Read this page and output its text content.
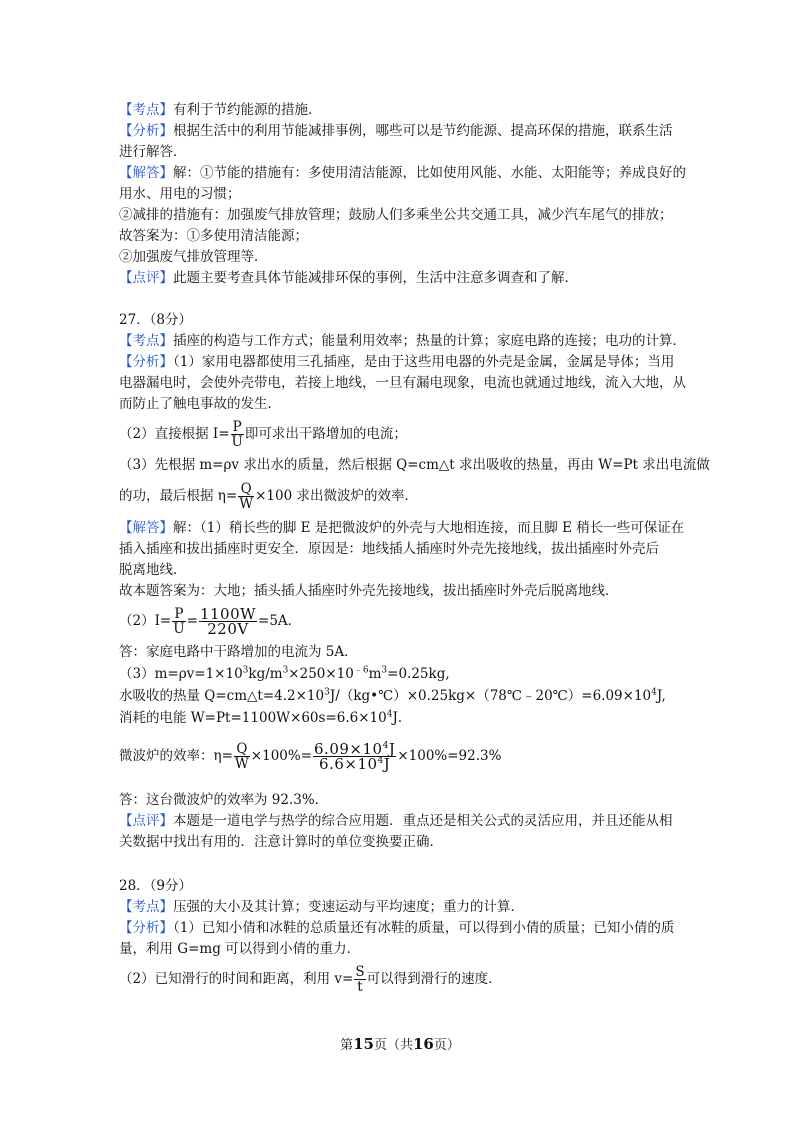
【考点】有利于节约能源的措施．
【分析】根据生活中的利用节能减排事例，哪些可以是节约能源、提高环保的措施，联系生活
进行解答．
【解答】解：①节能的措施有：多使用清洁能源，比如使用风能、水能、太阳能等；养成良好的
用水、用电的习惯；
②减排的措施有：加强废气排放管理；鼓励人们多乘坐公共交通工具，减少汽车尾气的排放；
故答案为：①多使用清洁能源；
②加强废气排放管理等．
【点评】此题主要考查具体节能减排环保的事例，生活中注意多调查和了解．
27．（8分）
【考点】插座的构造与工作方式；能量利用效率；热量的计算；家庭电路的连接；电功的计算．
【分析】（1）家用电器都使用三孔插座，是由于这些用电器的外壳是金属，金属是导体；当用
电器漏电时，会使外壳带电，若接上地线，一旦有漏电现象，电流也就通过地线，流入大地，从
而防止了触电事故的发生．
（2）直接根据 $I= \frac{P}{U}$ 即可求出干路增加的电流；
（3）先根据 m=ρv 求出水的质量，然后根据 Q=cm△t 求出吸收的热量，再由 W=Pt 求出电流做
的功，最后根据 $\eta= \frac{Q}{W} \times 100$ 求出微波炉的效率．
【解答】解：（1）稍长些的脚 E 是把微波炉的外壳与大地相连接，而且脚 E 稍长一些可保证在
插入插座和拔出插座时更安全．原因是：地线插人插座时外壳先接地线，拔出插座时外壳后
脱离地线．
故本题答案为：大地；插头插人插座时外壳先接地线，拔出插座时外壳后脱离地线．
$(2)I= \frac{P}{U} = \frac{1100W}{220V} =5A$．
答：家庭电路中干路增加的电流为 5A．
$(3)m=\rho v=1\times 10^3kg/m^3\times 250\times 10^{﹣6}m^3=0.25kg$,
水吸收的热量 $Q=cm\triangle t=4.2\times 10^3J/(kg•℃)\times 0.25kg\times(78℃﹣20℃)=6.09\times 10^4J$,
消耗的电能 $W=Pt=1100W\times 60s=6.6\times 10^4J$．
微波炉的效率：$\eta= \frac{Q}{W} \times 100\%= \frac{6.09\times 10^4J}{6.6\times 10^4J} \times 100\%=92.3\%$
答：这台微波炉的效率为 92.3%．
【点评】本题是一道电学与热学的综合应用题．重点还是相关公式的灵活应用，并且还能从相
关数据中找出有用的．注意计算时的单位变换要正确．
28．（9分）
【考点】压强的大小及其计算；变速运动与平均速度；重力的计算．
【分析】（1）已知小倩和冰鞋的总质量还有冰鞋的质量，可以得到小倩的质量；已知小倩的质
量，利用 G=mg 可以得到小倩的重力．
（2）已知滑行的时间和距离，利用 $v= \frac{S}{t}$ 可以得到滑行的速度．
第15页（共16页）
